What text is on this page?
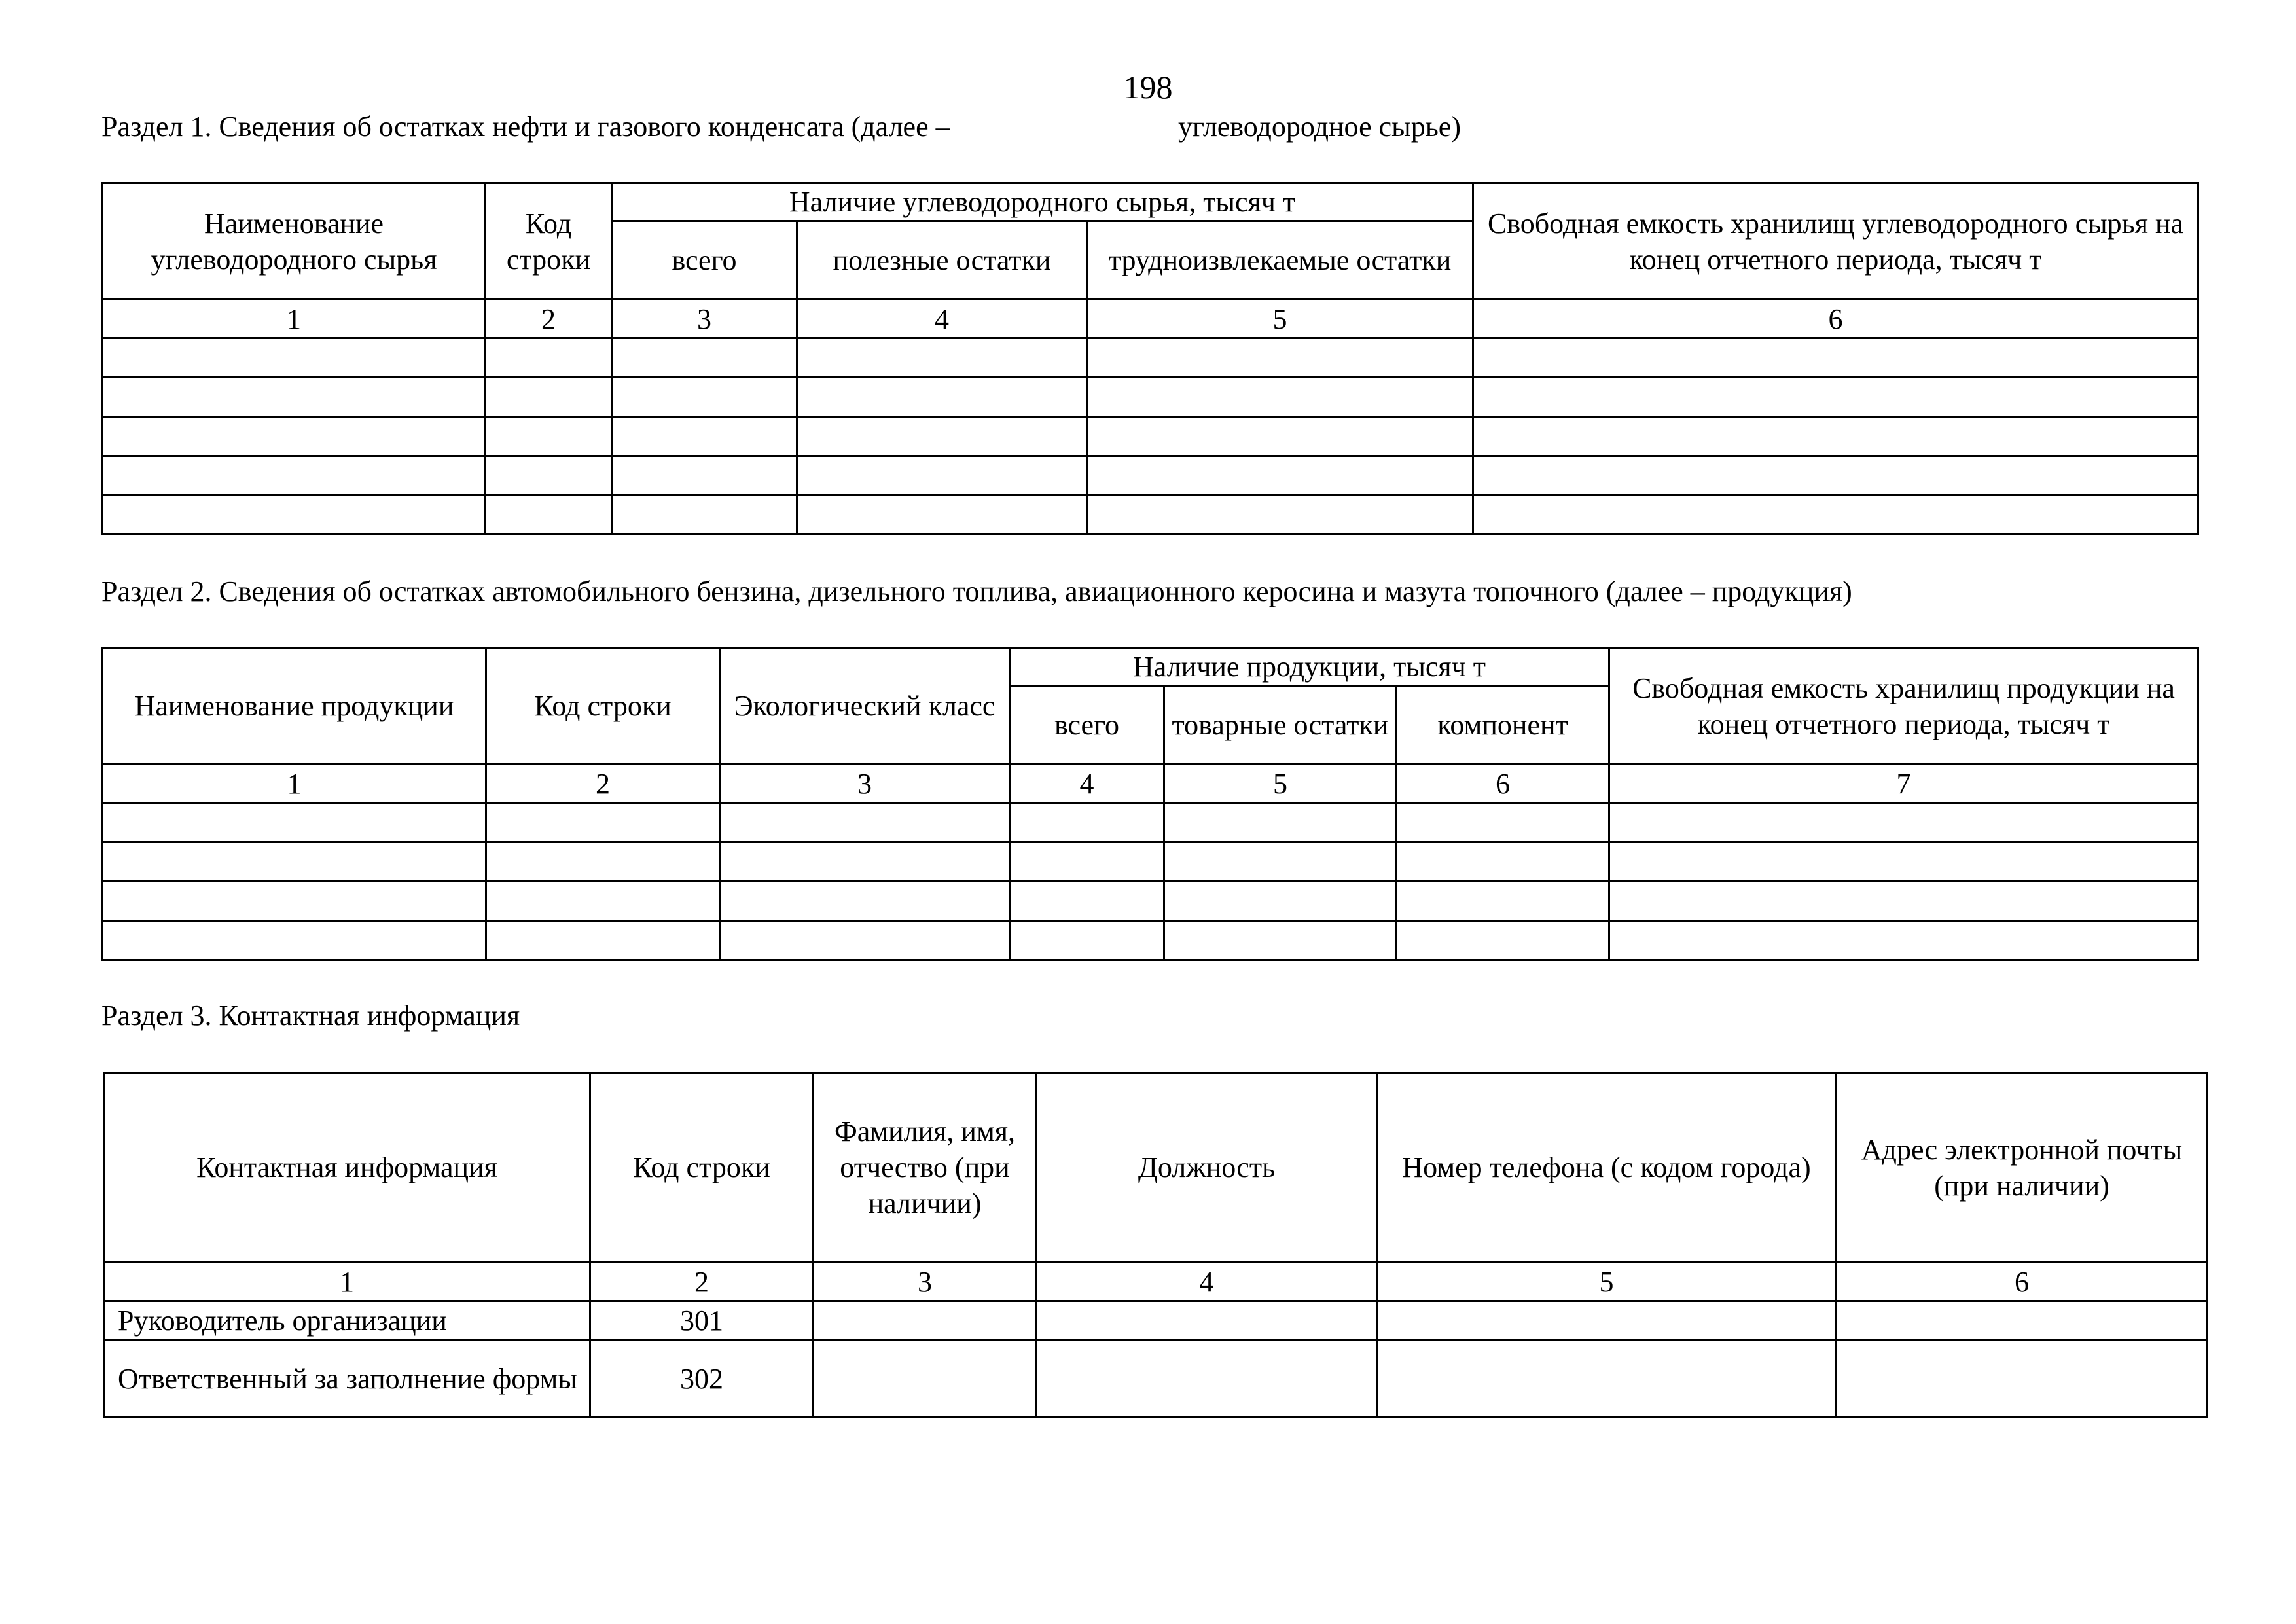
198
Раздел 1. Сведения об остатках нефти и газового конденсата (далее –	углеводородное сырье)
Наименование углеводородного сырья	Код строки	Наличие углеводородного сырья, тысяч т			Свободная емкость хранилищ углеводородного сырья на конец отчетного периода, тысяч т
		всего	полезные остатки	трудноизвлекаемые остатки	
1	2	3	4	5	6

Раздел 2. Сведения об остатках автомобильного бензина, дизельного топлива, авиационного керосина и мазута топочного (далее – продукция)
Наименование продукции	Код строки	Экологический класс	Наличие продукции, тысяч т			Свободная емкость хранилищ продукции на конец отчетного периода, тысяч т
			всего	товарные остатки	компонент	
1	2	3	4	5	6	7

Раздел 3. Контактная информация
Контактная информация	Код строки	Фамилия, имя, отчество (при наличии)	Должность	Номер телефона (с кодом города)	Адрес электронной почты (при наличии)
1	2	3	4	5	6
Руководитель организации	301				
Ответственный за заполнение формы	302				
